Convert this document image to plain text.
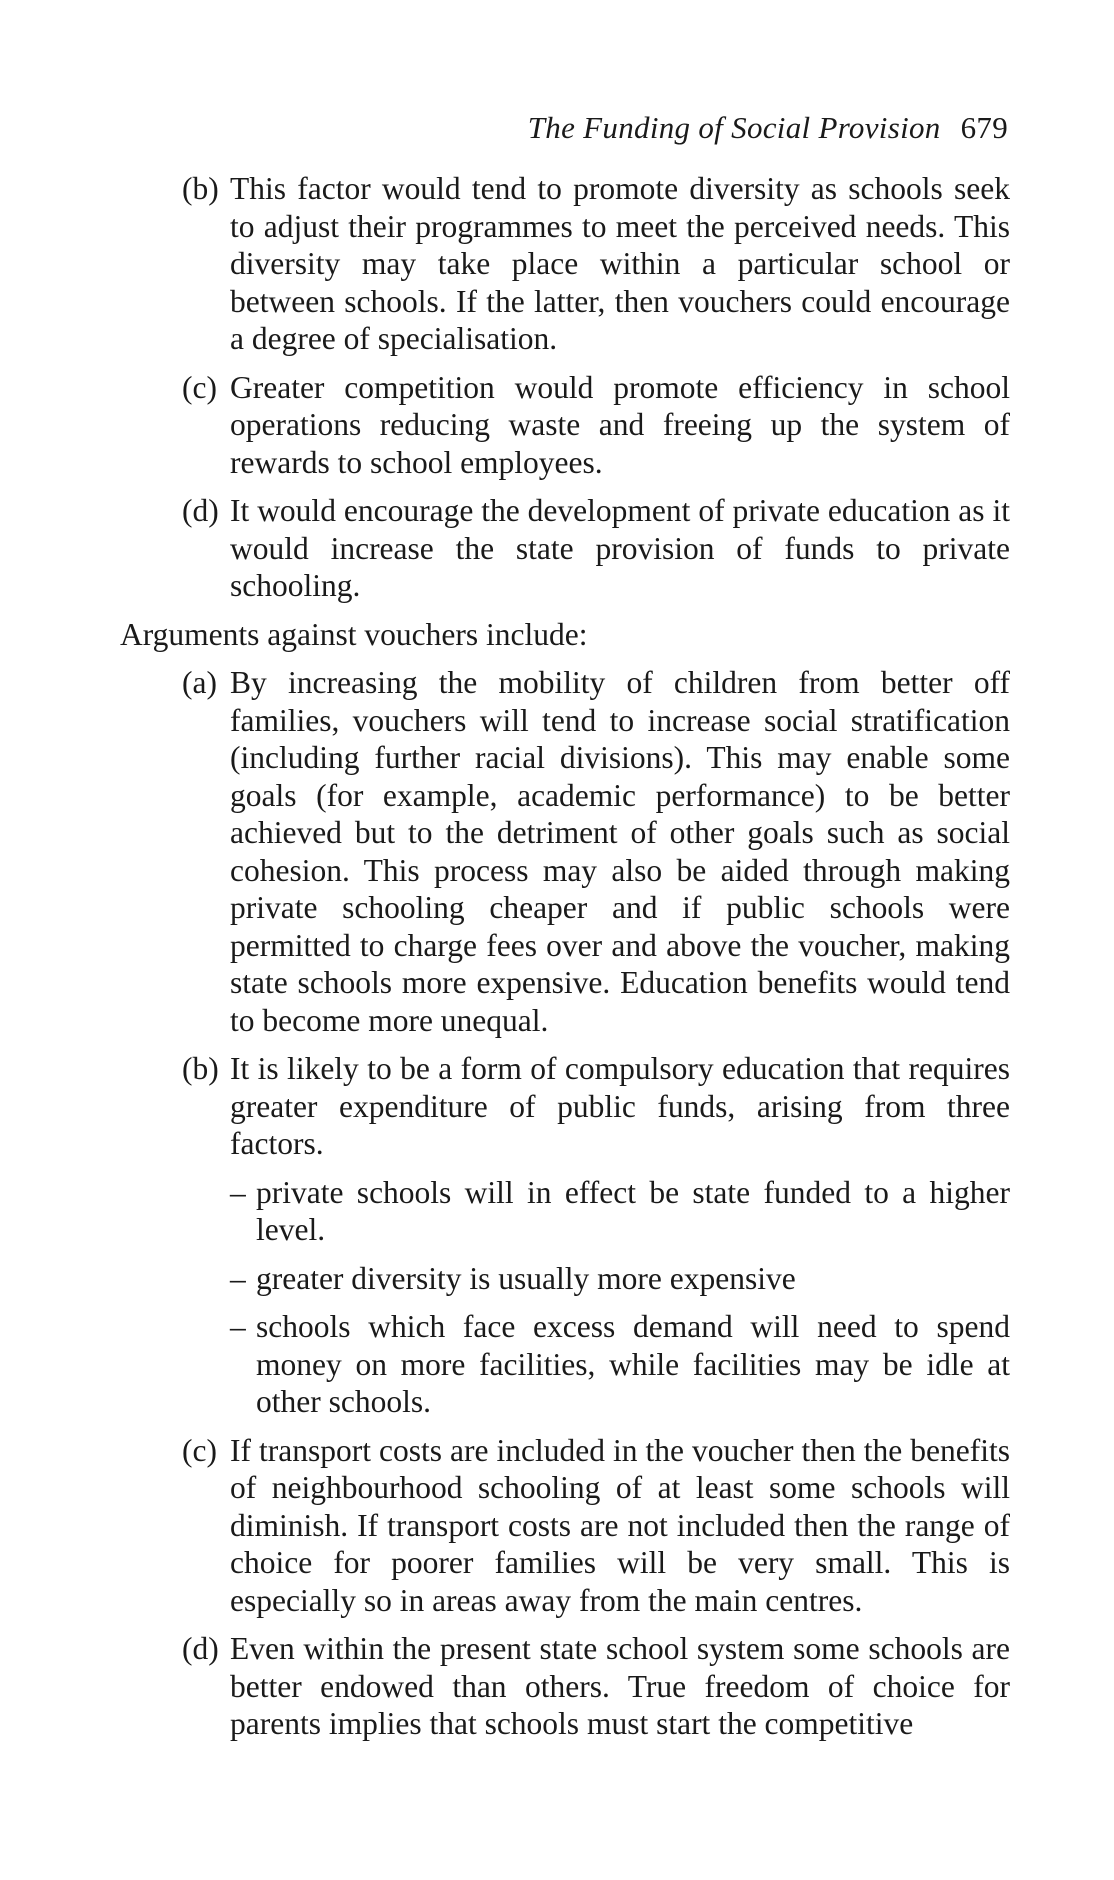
The Funding of Social Provision 679
(b) This factor would tend to promote diversity as schools seek to adjust their programmes to meet the perceived needs. This diversity may take place within a particular school or between schools. If the latter, then vouchers could encourage a degree of specialisation.
(c) Greater competition would promote efficiency in school operations reducing waste and freeing up the system of rewards to school employees.
(d) It would encourage the development of private education as it would increase the state provision of funds to private schooling.
Arguments against vouchers include:
(a) By increasing the mobility of children from better off families, vouchers will tend to increase social stratification (including further racial divisions). This may enable some goals (for example, academic performance) to be better achieved but to the detriment of other goals such as social cohesion. This process may also be aided through making private schooling cheaper and if public schools were permitted to charge fees over and above the voucher, making state schools more expensive. Education benefits would tend to become more unequal.
(b) It is likely to be a form of compulsory education that requires greater expenditure of public funds, arising from three factors.
– private schools will in effect be state funded to a higher level.
– greater diversity is usually more expensive
– schools which face excess demand will need to spend money on more facilities, while facilities may be idle at other schools.
(c) If transport costs are included in the voucher then the benefits of neighbourhood schooling of at least some schools will diminish. If transport costs are not included then the range of choice for poorer families will be very small. This is especially so in areas away from the main centres.
(d) Even within the present state school system some schools are better endowed than others. True freedom of choice for parents implies that schools must start the competitive
